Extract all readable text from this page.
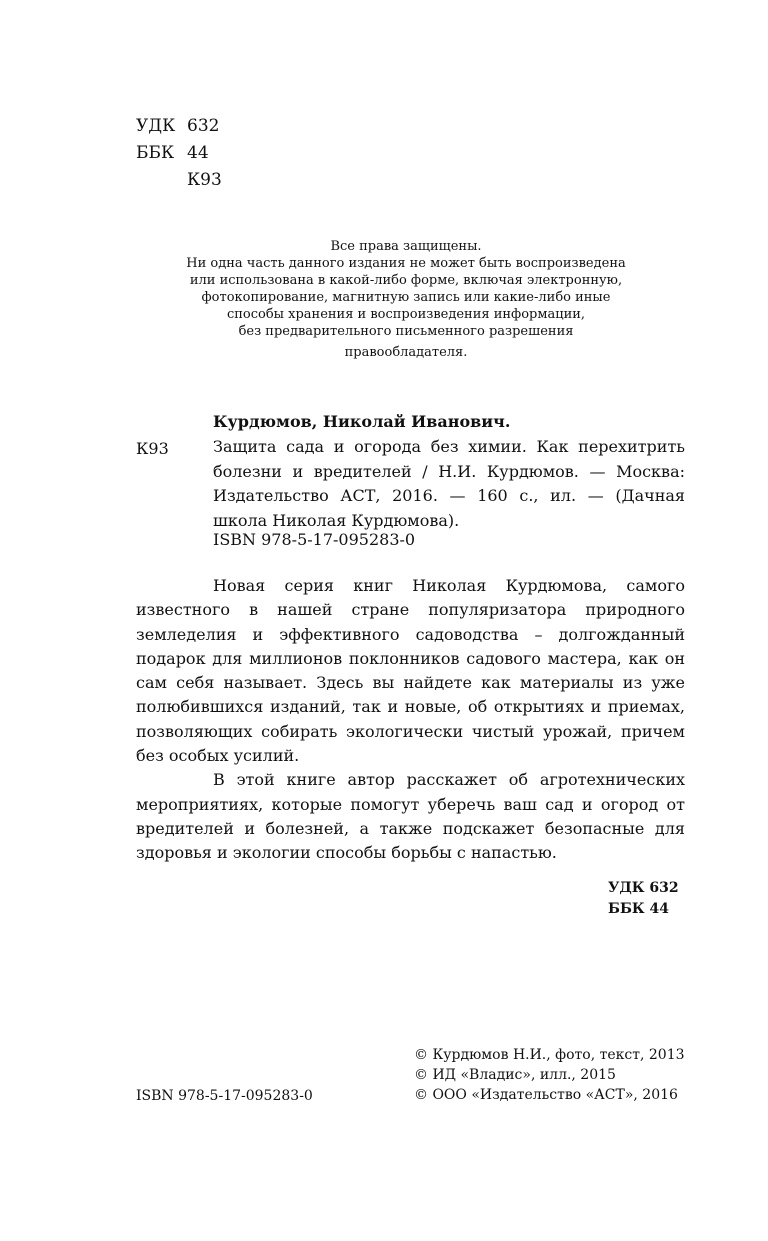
УДК 632
ББК 44
К93
Все права защищены.
Ни одна часть данного издания не может быть воспроизведена
или использована в какой-либо форме, включая электронную,
фотокопирование, магнитную запись или какие-либо иные
способы хранения и воспроизведения информации,
без предварительного письменного разрешения
правообладателя.
Курдюмов, Николай Иванович.
К93	Защита сада и огорода без химии. Как перехитрить болезни и вредителей / Н.И. Курдюмов. — Москва: Издательство АСТ, 2016. — 160 с., ил. — (Дачная школа Николая Курдюмова).
ISBN 978-5-17-095283-0

Новая серия книг Николая Курдюмова, самого известного в нашей стране популяризатора природного земледелия и эффективного садоводства – долгожданный подарок для миллионов поклонников садового мастера, как он сам себя называет. Здесь вы найдете как материалы из уже полюбившихся изданий, так и новые, об открытиях и приемах, позволяющих собирать экологически чистый урожай, причем без особых усилий.

В этой книге автор расскажет об агротехнических мероприятиях, которые помогут уберечь ваш сад и огород от вредителей и болезней, а также подскажет безопасные для здоровья и экологии способы борьбы с напастью.

УДК 632
ББК 44
ISBN 978-5-17-095283-0
© Курдюмов Н.И., фото, текст, 2013
© ИД «Владис», илл., 2015
© ООО «Издательство «АСТ», 2016
